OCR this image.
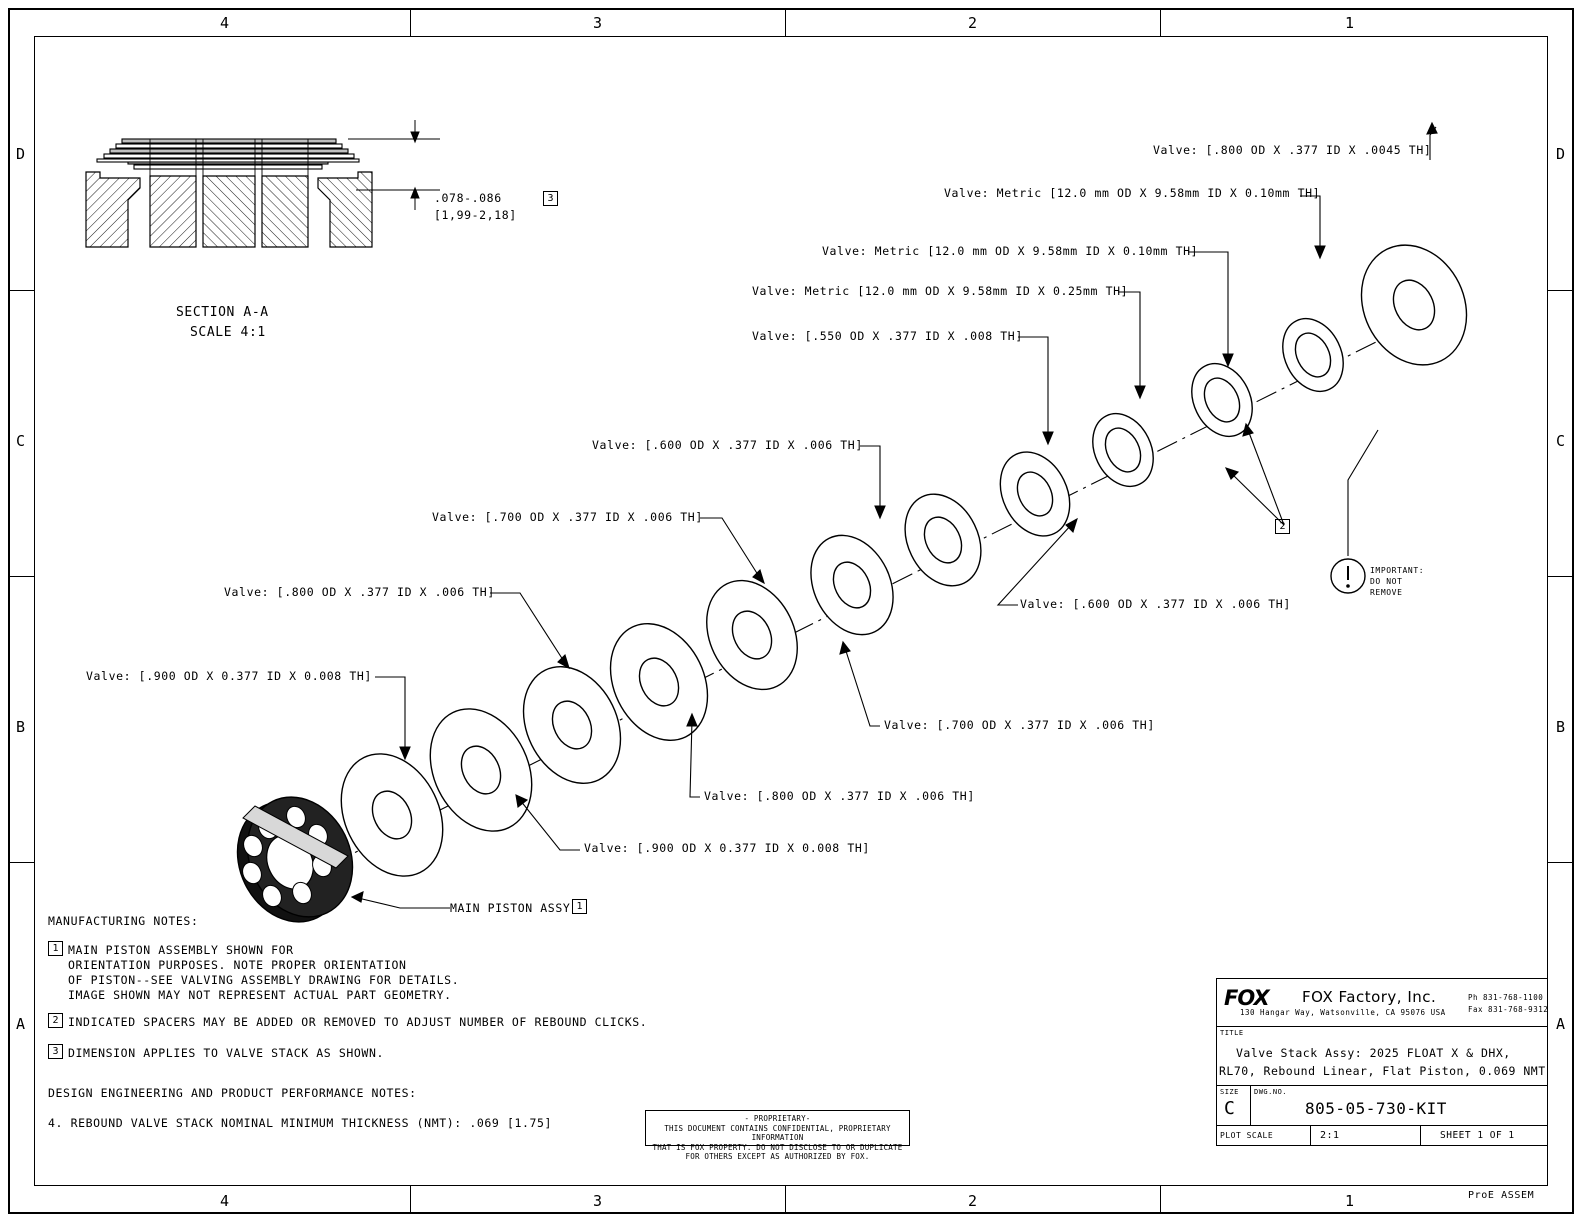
4	3	2	1
4	3	2	1
D
C
B
A
D
C
B
A
.078-.086
[1,99-2,18]
3
SECTION A-A
SCALE 4:1
Valve: [.800 OD X .377 ID X .0045 TH]
Valve: Metric [12.0 mm OD X 9.58mm ID X 0.10mm TH]
Valve: Metric [12.0 mm OD X 9.58mm ID X 0.10mm TH]
Valve: Metric [12.0 mm OD X 9.58mm ID X 0.25mm TH]
Valve: [.550 OD X .377 ID X .008 TH]
Valve: [.600 OD X .377 ID X .006 TH]
Valve: [.700 OD X .377 ID X .006 TH]
Valve: [.800 OD X .377 ID X .006 TH]
Valve: [.900 OD X 0.377 ID X 0.008 TH]
Valve: [.600 OD X .377 ID X .006 TH]
Valve: [.700 OD X .377 ID X .006 TH]
Valve: [.800 OD X .377 ID X .006 TH]
Valve: [.900 OD X 0.377 ID X 0.008 TH]
2
IMPORTANT:
DO NOT
REMOVE
MAIN PISTON ASSY 1
MANUFACTURING NOTES:
1 MAIN PISTON ASSEMBLY SHOWN FOR
ORIENTATION PURPOSES. NOTE PROPER ORIENTATION
OF PISTON--SEE VALVING ASSEMBLY DRAWING FOR DETAILS.
IMAGE SHOWN MAY NOT REPRESENT ACTUAL PART GEOMETRY.
2 INDICATED SPACERS MAY BE ADDED OR REMOVED TO ADJUST NUMBER OF REBOUND CLICKS.
3 DIMENSION APPLIES TO VALVE STACK AS SHOWN.
DESIGN ENGINEERING AND PRODUCT PERFORMANCE NOTES:
4. REBOUND VALVE STACK NOMINAL MINIMUM THICKNESS (NMT): .069 [1.75]	- PROPRIETARY-
THIS DOCUMENT CONTAINS CONFIDENTIAL, PROPRIETARY INFORMATION
THAT IS FOX PROPERTY. DO NOT DISCLOSE TO OR DUPLICATE
FOR OTHERS EXCEPT AS AUTHORIZED BY FOX.
FOX FOX Factory, Inc.
130 Hangar Way, Watsonville, CA 95076 USA
Ph 831-768-1100
Fax 831-768-9312
TITLE
Valve Stack Assy: 2025 FLOAT X & DHX,
RL70, Rebound Linear, Flat Piston, 0.069 NMT
SIZE
C
DWG.NO.
805-05-730-KIT
PLOT SCALE	2:1	SHEET 1 OF 1
ProE ASSEM
